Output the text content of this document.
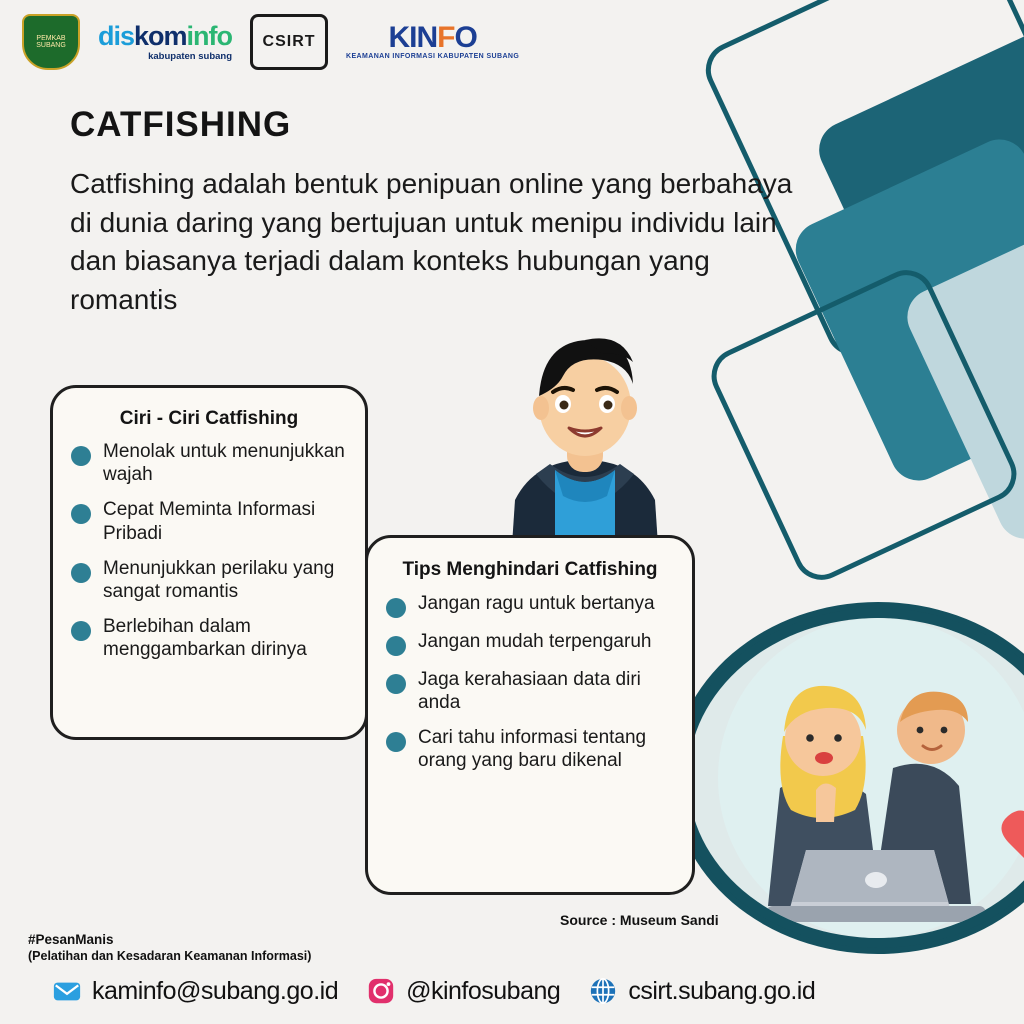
PEMKAB SUBANG	diskominfo
kabupaten subang
CSIRT KINFO
KEAMANAN INFORMASI KABUPATEN SUBANG
CATFISHING
Catfishing adalah bentuk penipuan online yang berbahaya di dunia daring yang bertujuan untuk menipu individu lain dan biasanya terjadi dalam konteks hubungan yang romantis
Ciri - Ciri Catfishing
Menolak untuk menunjukkan wajah
Cepat Meminta Informasi Pribadi
Menunjukkan perilaku yang sangat romantis
Berlebihan dalam menggambarkan dirinya
Tips Menghindari Catfishing
Jangan ragu untuk bertanya
Jangan mudah terpengaruh
Jaga kerahasiaan data diri anda
Cari tahu informasi tentang orang yang baru dikenal
Source : Museum Sandi
#PesanManis
(Pelatihan dan Kesadaran Keamanan Informasi)
kaminfo@subang.go.id	@kinfosubang	csirt.subang.go.id
